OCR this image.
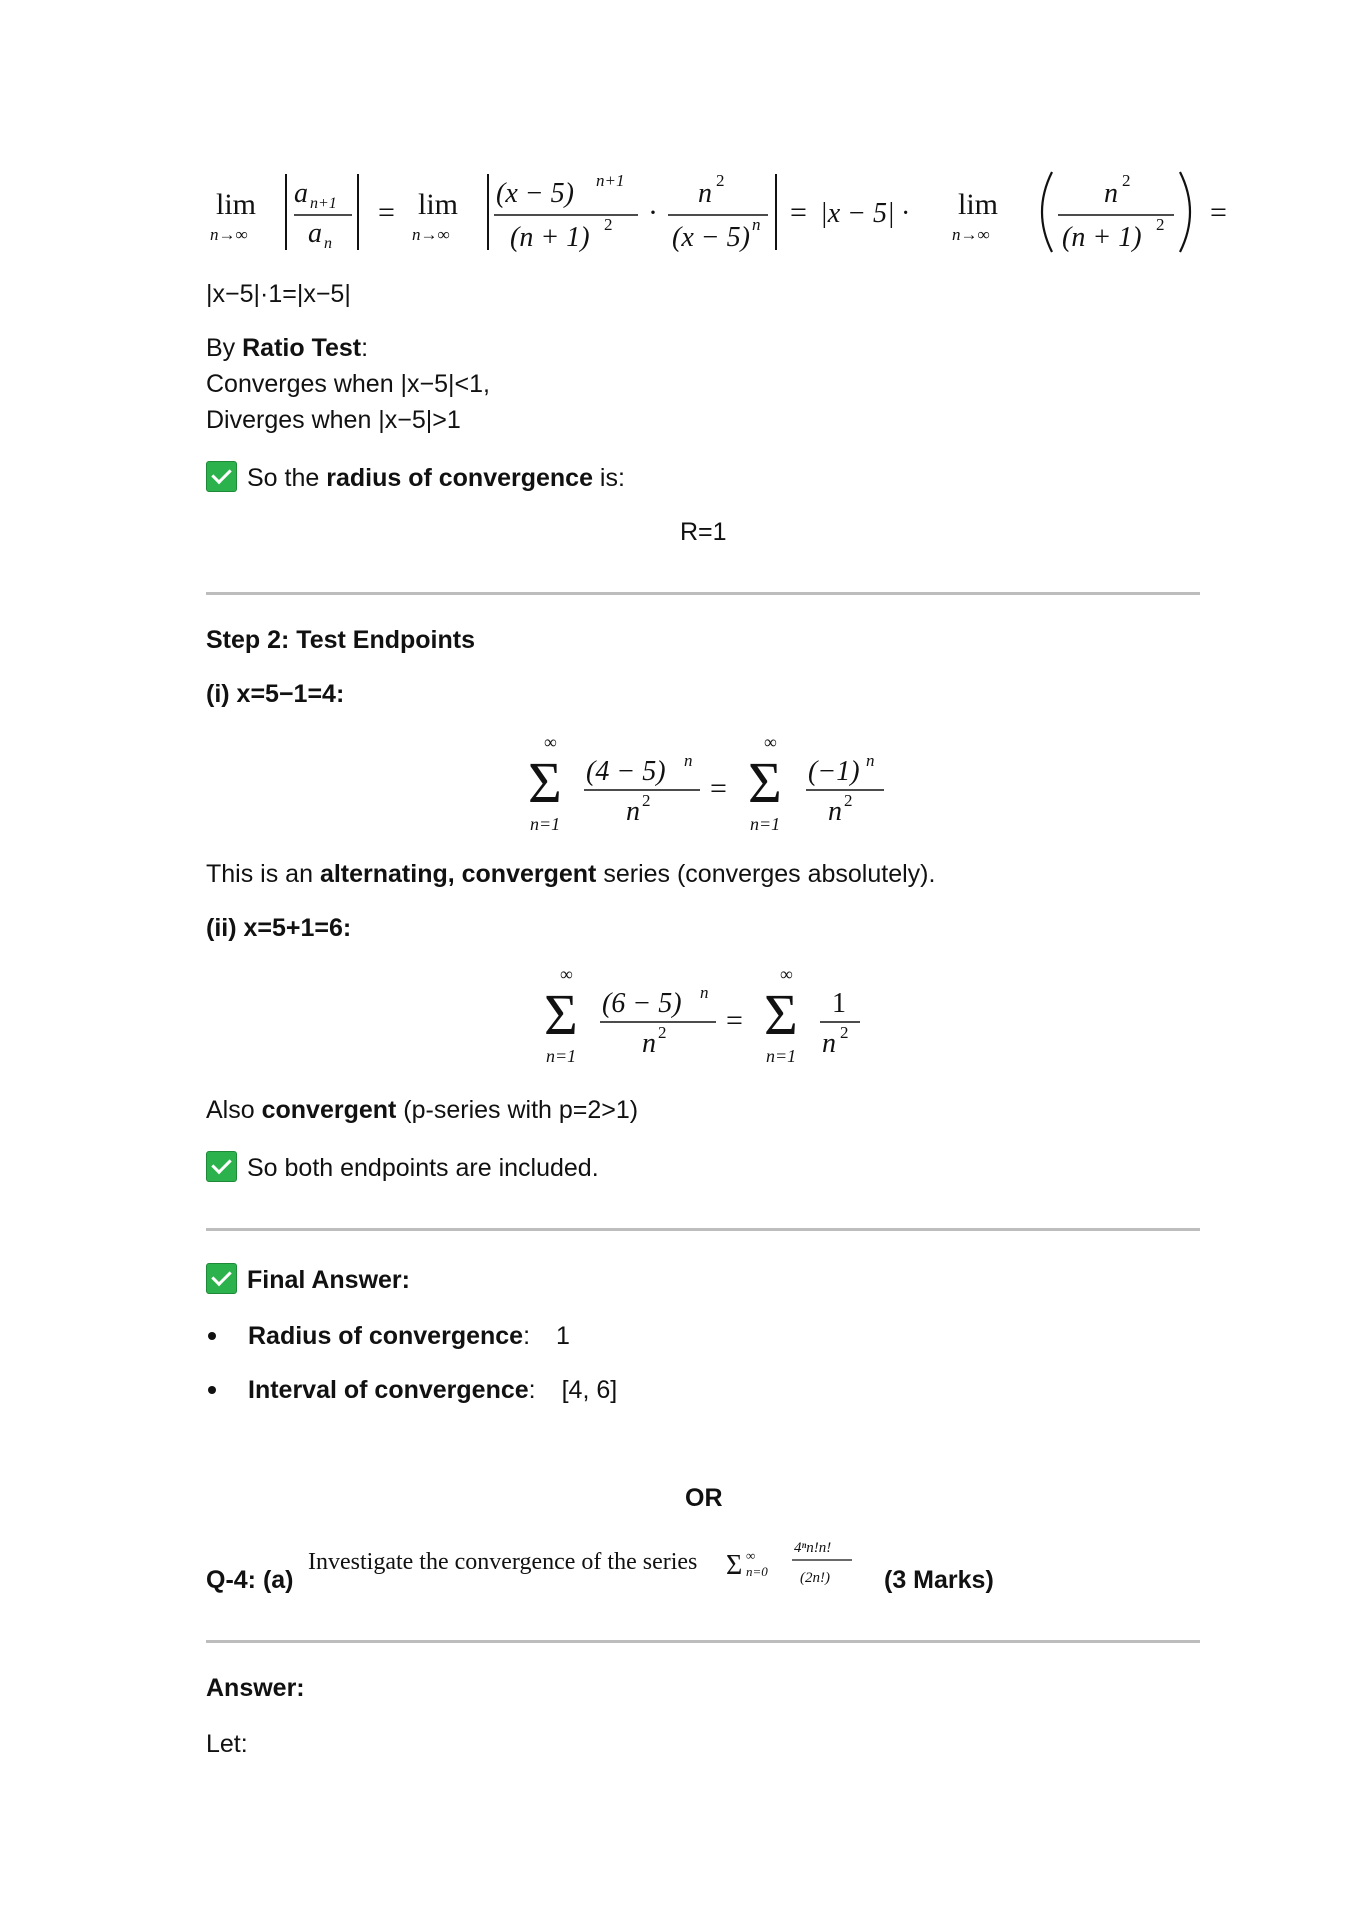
lim
n→∞
a n+1
a n
= lim
n→∞
(x − 5) n+1
(n + 1) 2 ·
n 2
(x − 5) n = |x − 5| · lim
n→∞
n 2
(n + 1) 2 =
|x−5|·1=|x−5|
By Ratio Test:
Converges when |x−5|<1,
Diverges when |x−5|>1
So the radius of convergence is:
R=1
Step 2: Test Endpoints
(i) x=5−1=4:
∞
Σ
n=1
(4 − 5) n
n 2 =
∞
Σ
n=1
(−1) n
n 2
This is an alternating, convergent series (converges absolutely).
(ii) x=5+1=6:
∞
Σ
n=1
(6 − 5) n
n 2 =
∞
Σ
n=1
1
n 2
Also convergent (p-series with p=2>1)
So both endpoints are included.
Final Answer:
Radius of convergence: 1
Interval of convergence: [4, 6]
OR
Q-4: (a)
Investigate the convergence of the series Σ ∞
n=0
4ⁿn!n!
(2n!) (3 Marks)
Answer:
Let:
